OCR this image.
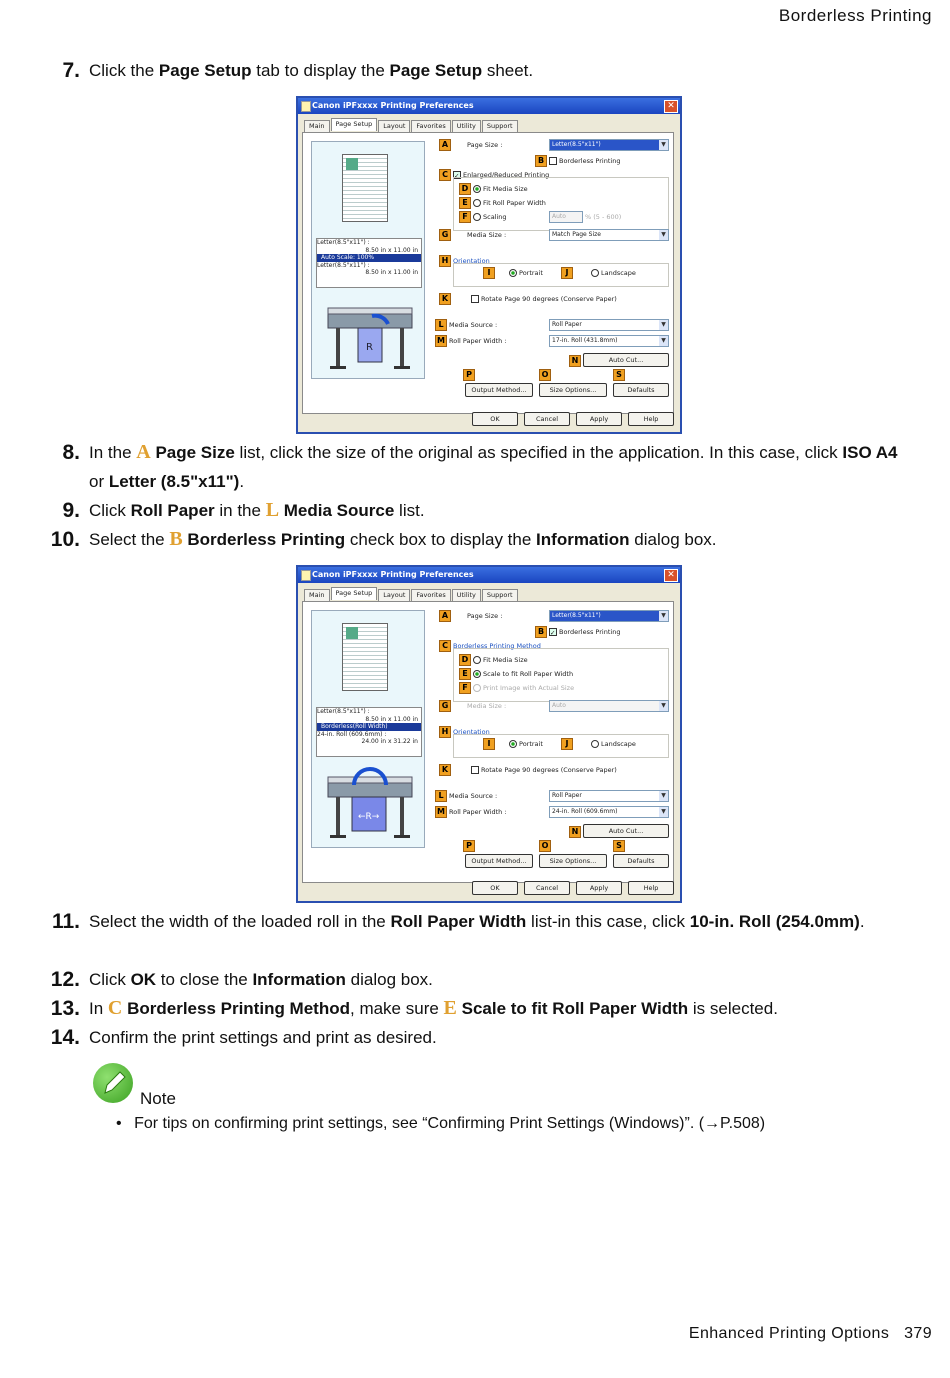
Borderless Printing
7. Click the Page Setup tab to display the Page Setup sheet.
Canon iPFxxxx Printing Preferences	✕
Main	Page Setup	Layout	Favorites	Utility	Support
Letter(8.5"x11") :
8.50 in x 11.00 in
Auto Scale: 100%
Letter(8.5"x11") :
8.50 in x 11.00 in
R
A	Page Size :	Letter(8.5"x11")	▼
B	Borderless Printing
C ✓ Enlarged/Reduced Printing
D	Fit Media Size
E	Fit Roll Paper Width
F	Scaling	Auto	% (5 - 600)
G	Media Size :	Match Page Size	▼
H Orientation
I	Portrait	J	Landscape
K	Rotate Page 90 degrees (Conserve Paper)
L Media Source :	Roll Paper	▼
M Roll Paper Width :	17-in. Roll (431.8mm)	▼
N	Auto Cut...
P	O	S
Output Method...	Size Options...	Defaults
OK	Cancel	Apply	Help
8. In the A Page Size list, click the size of the original as specified in the application. In this case, click ISO A4 or Letter (8.5"x11").
9. Click Roll Paper in the L Media Source list.
10. Select the B Borderless Printing check box to display the Information dialog box.
Canon iPFxxxx Printing Preferences	✕
Main	Page Setup	Layout	Favorites	Utility	Support
Letter(8.5"x11") :
8.50 in x 11.00 in
Borderless(Roll Width)
24-in. Roll (609.6mm) :
24.00 in x 31.22 in
←R→
A	Page Size :	Letter(8.5"x11")	▼
B ✓ Borderless Printing
C Borderless Printing Method
D	Fit Media Size
E	Scale to fit Roll Paper Width
F	Print Image with Actual Size
G	Media Size :	Auto	▼
H Orientation
I	Portrait	J	Landscape
K	Rotate Page 90 degrees (Conserve Paper)
L Media Source :	Roll Paper	▼
M Roll Paper Width :	24-in. Roll (609.6mm)	▼
N	Auto Cut...
P	O	S
Output Method...	Size Options...	Defaults
OK	Cancel	Apply	Help
11. Select the width of the loaded roll in the Roll Paper Width list-in this case, click 10-in. Roll (254.0mm).
12. Click OK to close the Information dialog box.
13. In C Borderless Printing Method, make sure E Scale to fit Roll Paper Width is selected.
14. Confirm the print settings and print as desired.
Note
• For tips on confirming print settings, see “Confirming Print Settings (Windows)”. (→P.508)
Enhanced Printing Options 379
